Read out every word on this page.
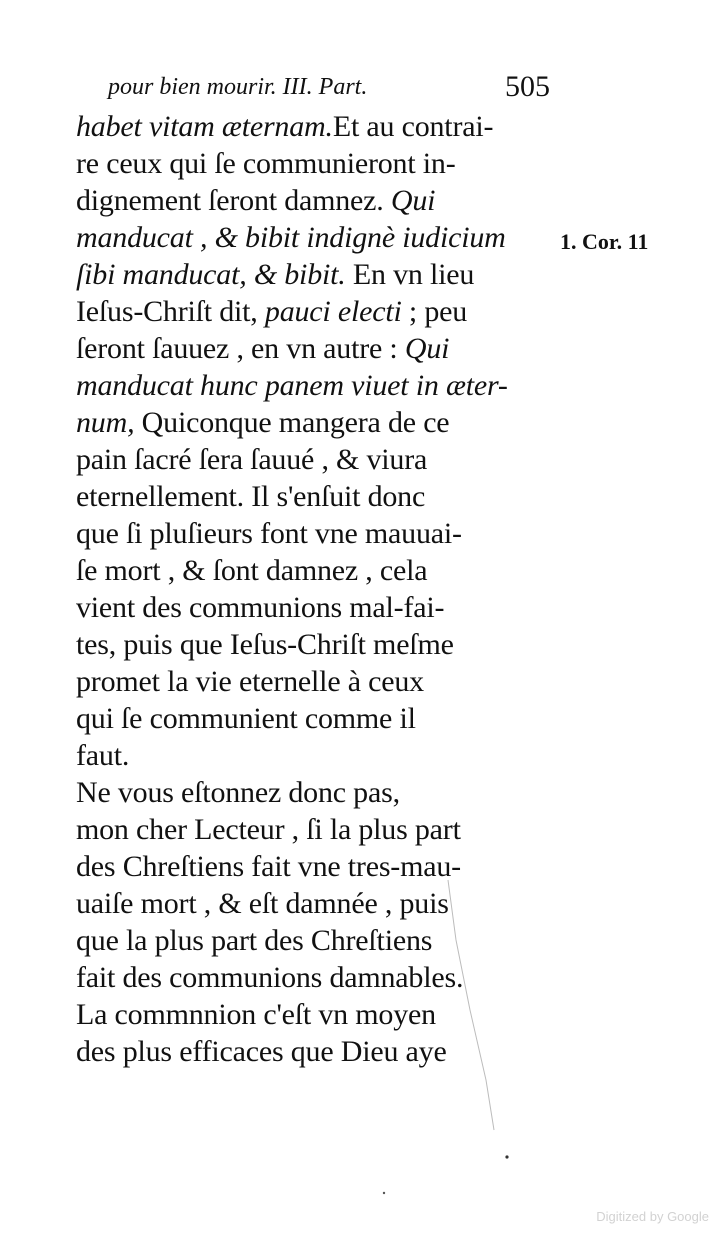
pour bien mourir. III. Part.	505
1. Cor. 11
habet vitam æternam.Et au contrai-
re ceux qui ſe communieront in-
dignement ſeront damnez. Qui
manducat , & bibit indignè iudicium
ſibi manducat, & bibit. En vn lieu
Ieſus-Chriſt dit, pauci electi ; peu
ſeront ſauuez , en vn autre : Qui
manducat hunc panem viuet in æter-
num, Quiconque mangera de ce
pain ſacré ſera ſauué , & viura
eternellement. Il s'enſuit donc
que ſi pluſieurs font vne mauuai-
ſe mort , & ſont damnez , cela
vient des communions mal-fai-
tes, puis que Ieſus-Chriſt meſme
promet la vie eternelle à ceux
qui ſe communient comme il
faut.
Ne vous eſtonnez donc pas,
mon cher Lecteur , ſi la plus part
des Chreſtiens fait vne tres-mau-
uaiſe mort , & eſt damnée , puis
que la plus part des Chreſtiens
fait des communions damnables.
La commnnion c'eſt vn moyen
des plus efficaces que Dieu aye
Digitized by Google
